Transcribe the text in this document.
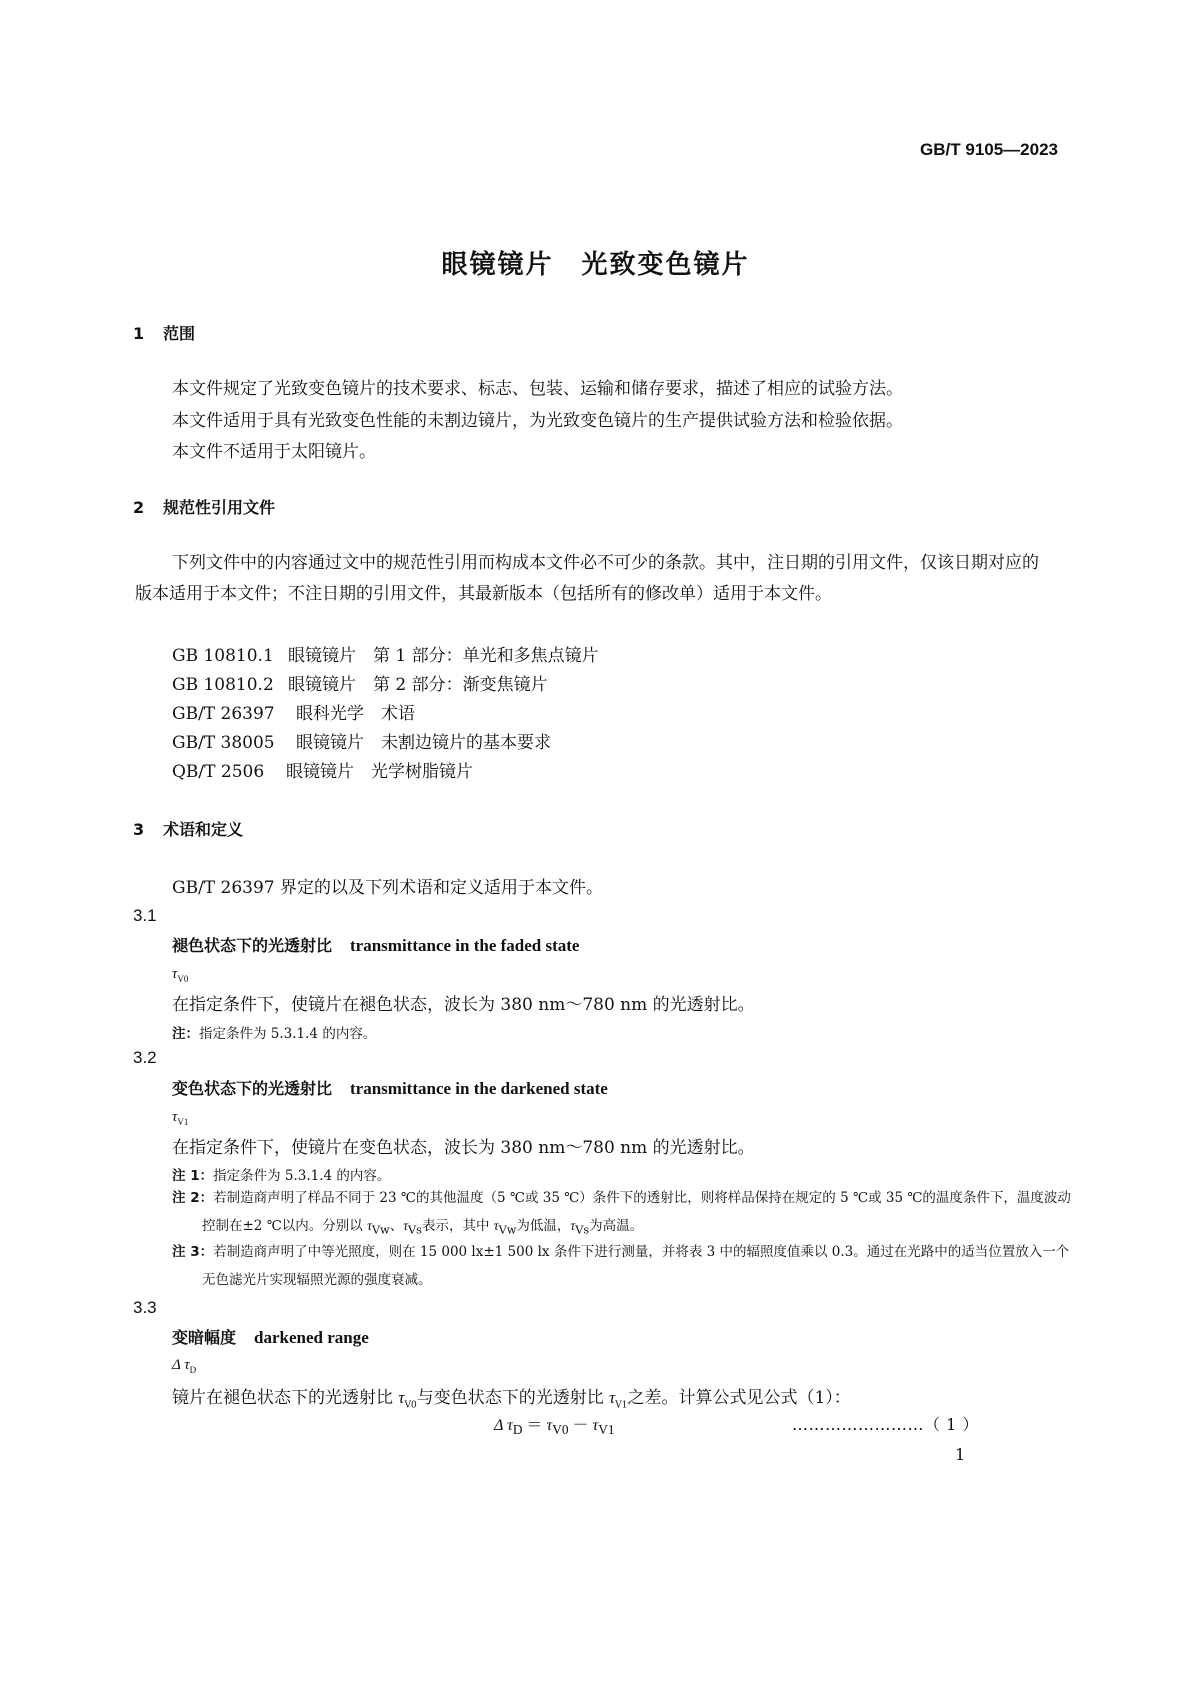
GB/T 9105—2023
眼镜镜片　光致变色镜片
1 范围
本文件规定了光致变色镜片的技术要求、标志、包装、运输和储存要求，描述了相应的试验方法。
本文件适用于具有光致变色性能的未割边镜片，为光致变色镜片的生产提供试验方法和检验依据。
本文件不适用于太阳镜片。
2 规范性引用文件
下列文件中的内容通过文中的规范性引用而构成本文件必不可少的条款。其中，注日期的引用文件，仅该日期对应的版本适用于本文件；不注日期的引用文件，其最新版本（包括所有的修改单）适用于本文件。
GB 10810.1 眼镜镜片　第 1 部分：单光和多焦点镜片
GB 10810.2 眼镜镜片　第 2 部分：渐变焦镜片
GB/T 26397 眼科光学　术语
GB/T 38005 眼镜镜片　未割边镜片的基本要求
QB/T 2506 眼镜镜片　光学树脂镜片
3 术语和定义
GB/T 26397 界定的以及下列术语和定义适用于本文件。
3.1
褪色状态下的光透射比 transmittance in the faded state
$\tau_{V0}$
在指定条件下，使镜片在褪色状态，波长为 380 nm～780 nm 的光透射比。
注：指定条件为 5.3.1.4 的内容。
3.2
变色状态下的光透射比 transmittance in the darkened state
$\tau_{V1}$
在指定条件下，使镜片在变色状态，波长为 380 nm～780 nm 的光透射比。
注 1：指定条件为 5.3.1.4 的内容。
注 2：若制造商声明了样品不同于 23 ℃的其他温度（5 ℃或 35 ℃）条件下的透射比，则将样品保持在规定的 5 ℃或 35 ℃的温度条件下，温度波动控制在±2 ℃以内。分别以 $\tau_{Vw}$、$\tau_{Vs}$表示，其中 $\tau_{Vw}$为低温，$\tau_{Vs}$为高温。
注 3：若制造商声明了中等光照度，则在 15 000 lx±1 500 lx 条件下进行测量，并将表 3 中的辐照度值乘以 0.3。通过在光路中的适当位置放入一个无色滤光片实现辐照光源的强度衰减。
3.3
变暗幅度 darkened range
Δ $\tau_D$
镜片在褪色状态下的光透射比 $\tau_{V0}$与变色状态下的光透射比 $\tau_{V1}$之差。计算公式见公式（1）：
Δ $\tau_D = \tau_{V0} - \tau_{V1}$	……………………（ 1 ）
1
